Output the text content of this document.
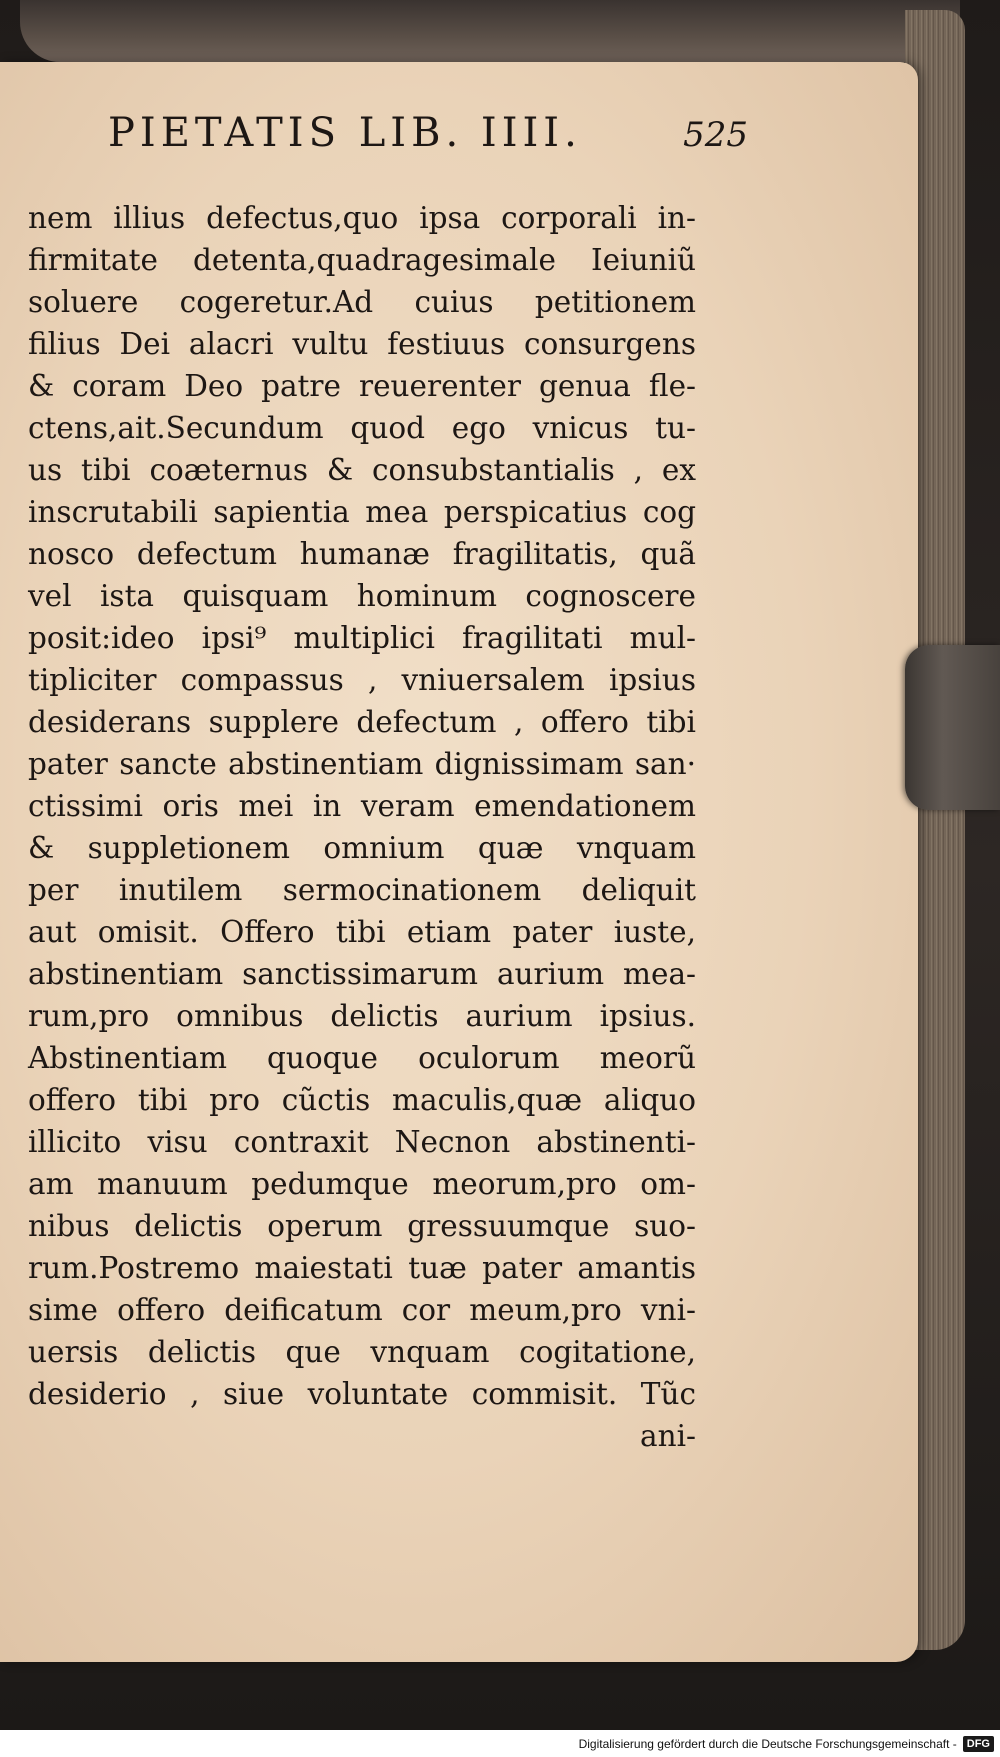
PIETATIS LIB. IIII.	525
nem illius defectus,quo ipsa corporali in-
firmitate detenta,quadragesimale Ieiuniũ
soluere cogeretur.Ad cuius petitionem
filius Dei alacri vultu festiuus consurgens
& coram Deo patre reuerenter genua fle-
ctens,ait.Secundum quod ego vnicus tu-
us tibi coæternus & consubstantialis , ex
inscrutabili sapientia mea perspicatius cog
nosco defectum humanæ fragilitatis, quã
vel ista quisquam hominum cognoscere
posit:ideo ipsi⁹ multiplici fragilitati mul-
tipliciter compassus , vniuersalem ipsius
desiderans supplere defectum , offero tibi
pater sancte abstinentiam dignissimam san·
ctissimi oris mei in veram emendationem
& suppletionem omnium quæ vnquam
per inutilem sermocinationem deliquit
aut omisit. Offero tibi etiam pater iuste,
abstinentiam sanctissimarum aurium mea-
rum,pro omnibus delictis aurium ipsius.
Abstinentiam quoque oculorum meorũ
offero tibi pro cũctis maculis,quæ aliquo
illicito visu contraxit Necnon abstinenti-
am manuum pedumque meorum,pro om-
nibus delictis operum gressuumque suo-
rum.Postremo maiestati tuæ pater amantis
sime offero deificatum cor meum,pro vni-
uersis delictis que vnquam cogitatione,
desiderio , siue voluntate commisit. Tũc
ani-
Digitalisierung gefördert durch die Deutsche Forschungsgemeinschaft - DFG
